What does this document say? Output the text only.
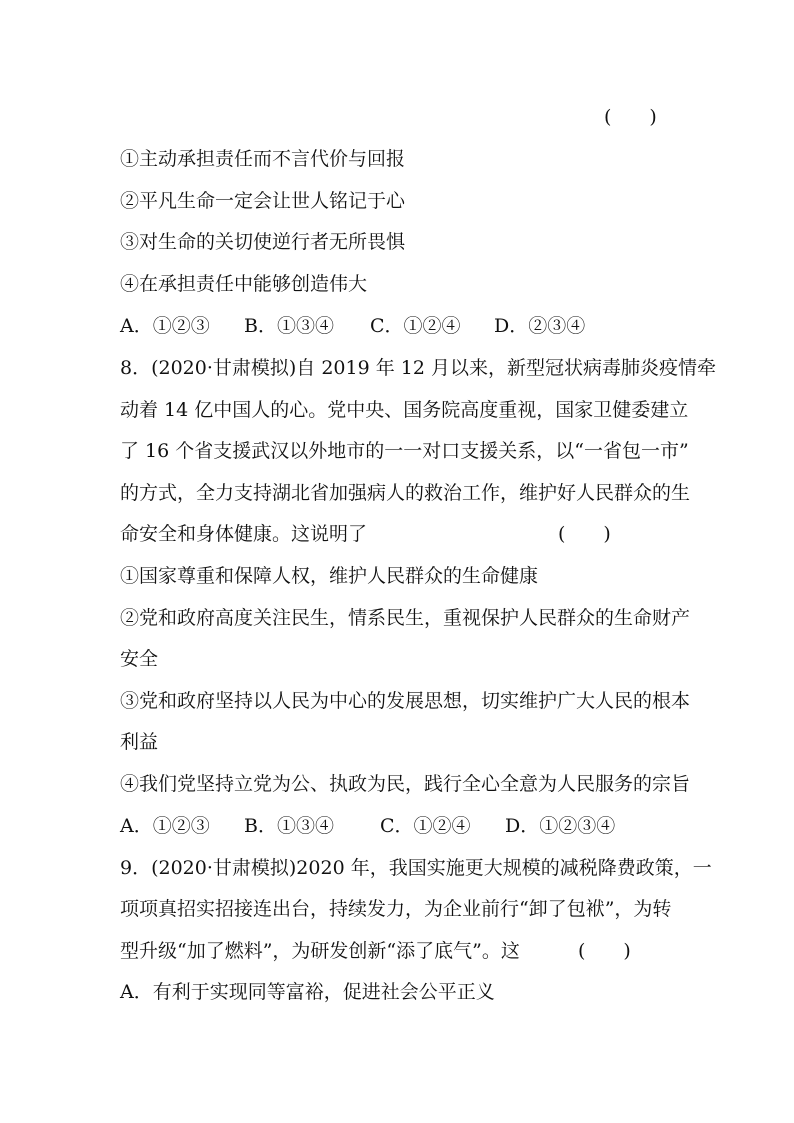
(　　)
①主动承担责任而不言代价与回报
②平凡生命一定会让世人铭记于心
③对生命的关切使逆行者无所畏惧
④在承担责任中能够创造伟大
A．①②③ B．①③④ C．①②④ D．②③④
8．(2020·甘肃模拟)自 2019 年 12 月以来，新型冠状病毒肺炎疫情牵
动着 14 亿中国人的心。党中央、国务院高度重视，国家卫健委建立
了 16 个省支援武汉以外地市的一一对口支援关系，以“一省包一市”
的方式，全力支持湖北省加强病人的救治工作，维护好人民群众的生
命安全和身体健康。这说明了	(　　)
①国家尊重和保障人权，维护人民群众的生命健康
②党和政府高度关注民生，情系民生，重视保护人民群众的生命财产
安全
③党和政府坚持以人民为中心的发展思想，切实维护广大人民的根本
利益
④我们党坚持立党为公、执政为民，践行全心全意为人民服务的宗旨
A．①②③ B．①③④ C．①②④ D．①②③④
9．(2020·甘肃模拟)2020 年，我国实施更大规模的减税降费政策，一
项项真招实招接连出台，持续发力，为企业前行“卸了包袱”，为转
型升级“加了燃料”，为研发创新“添了底气”。这	(　　)
A．有利于实现同等富裕，促进社会公平正义
